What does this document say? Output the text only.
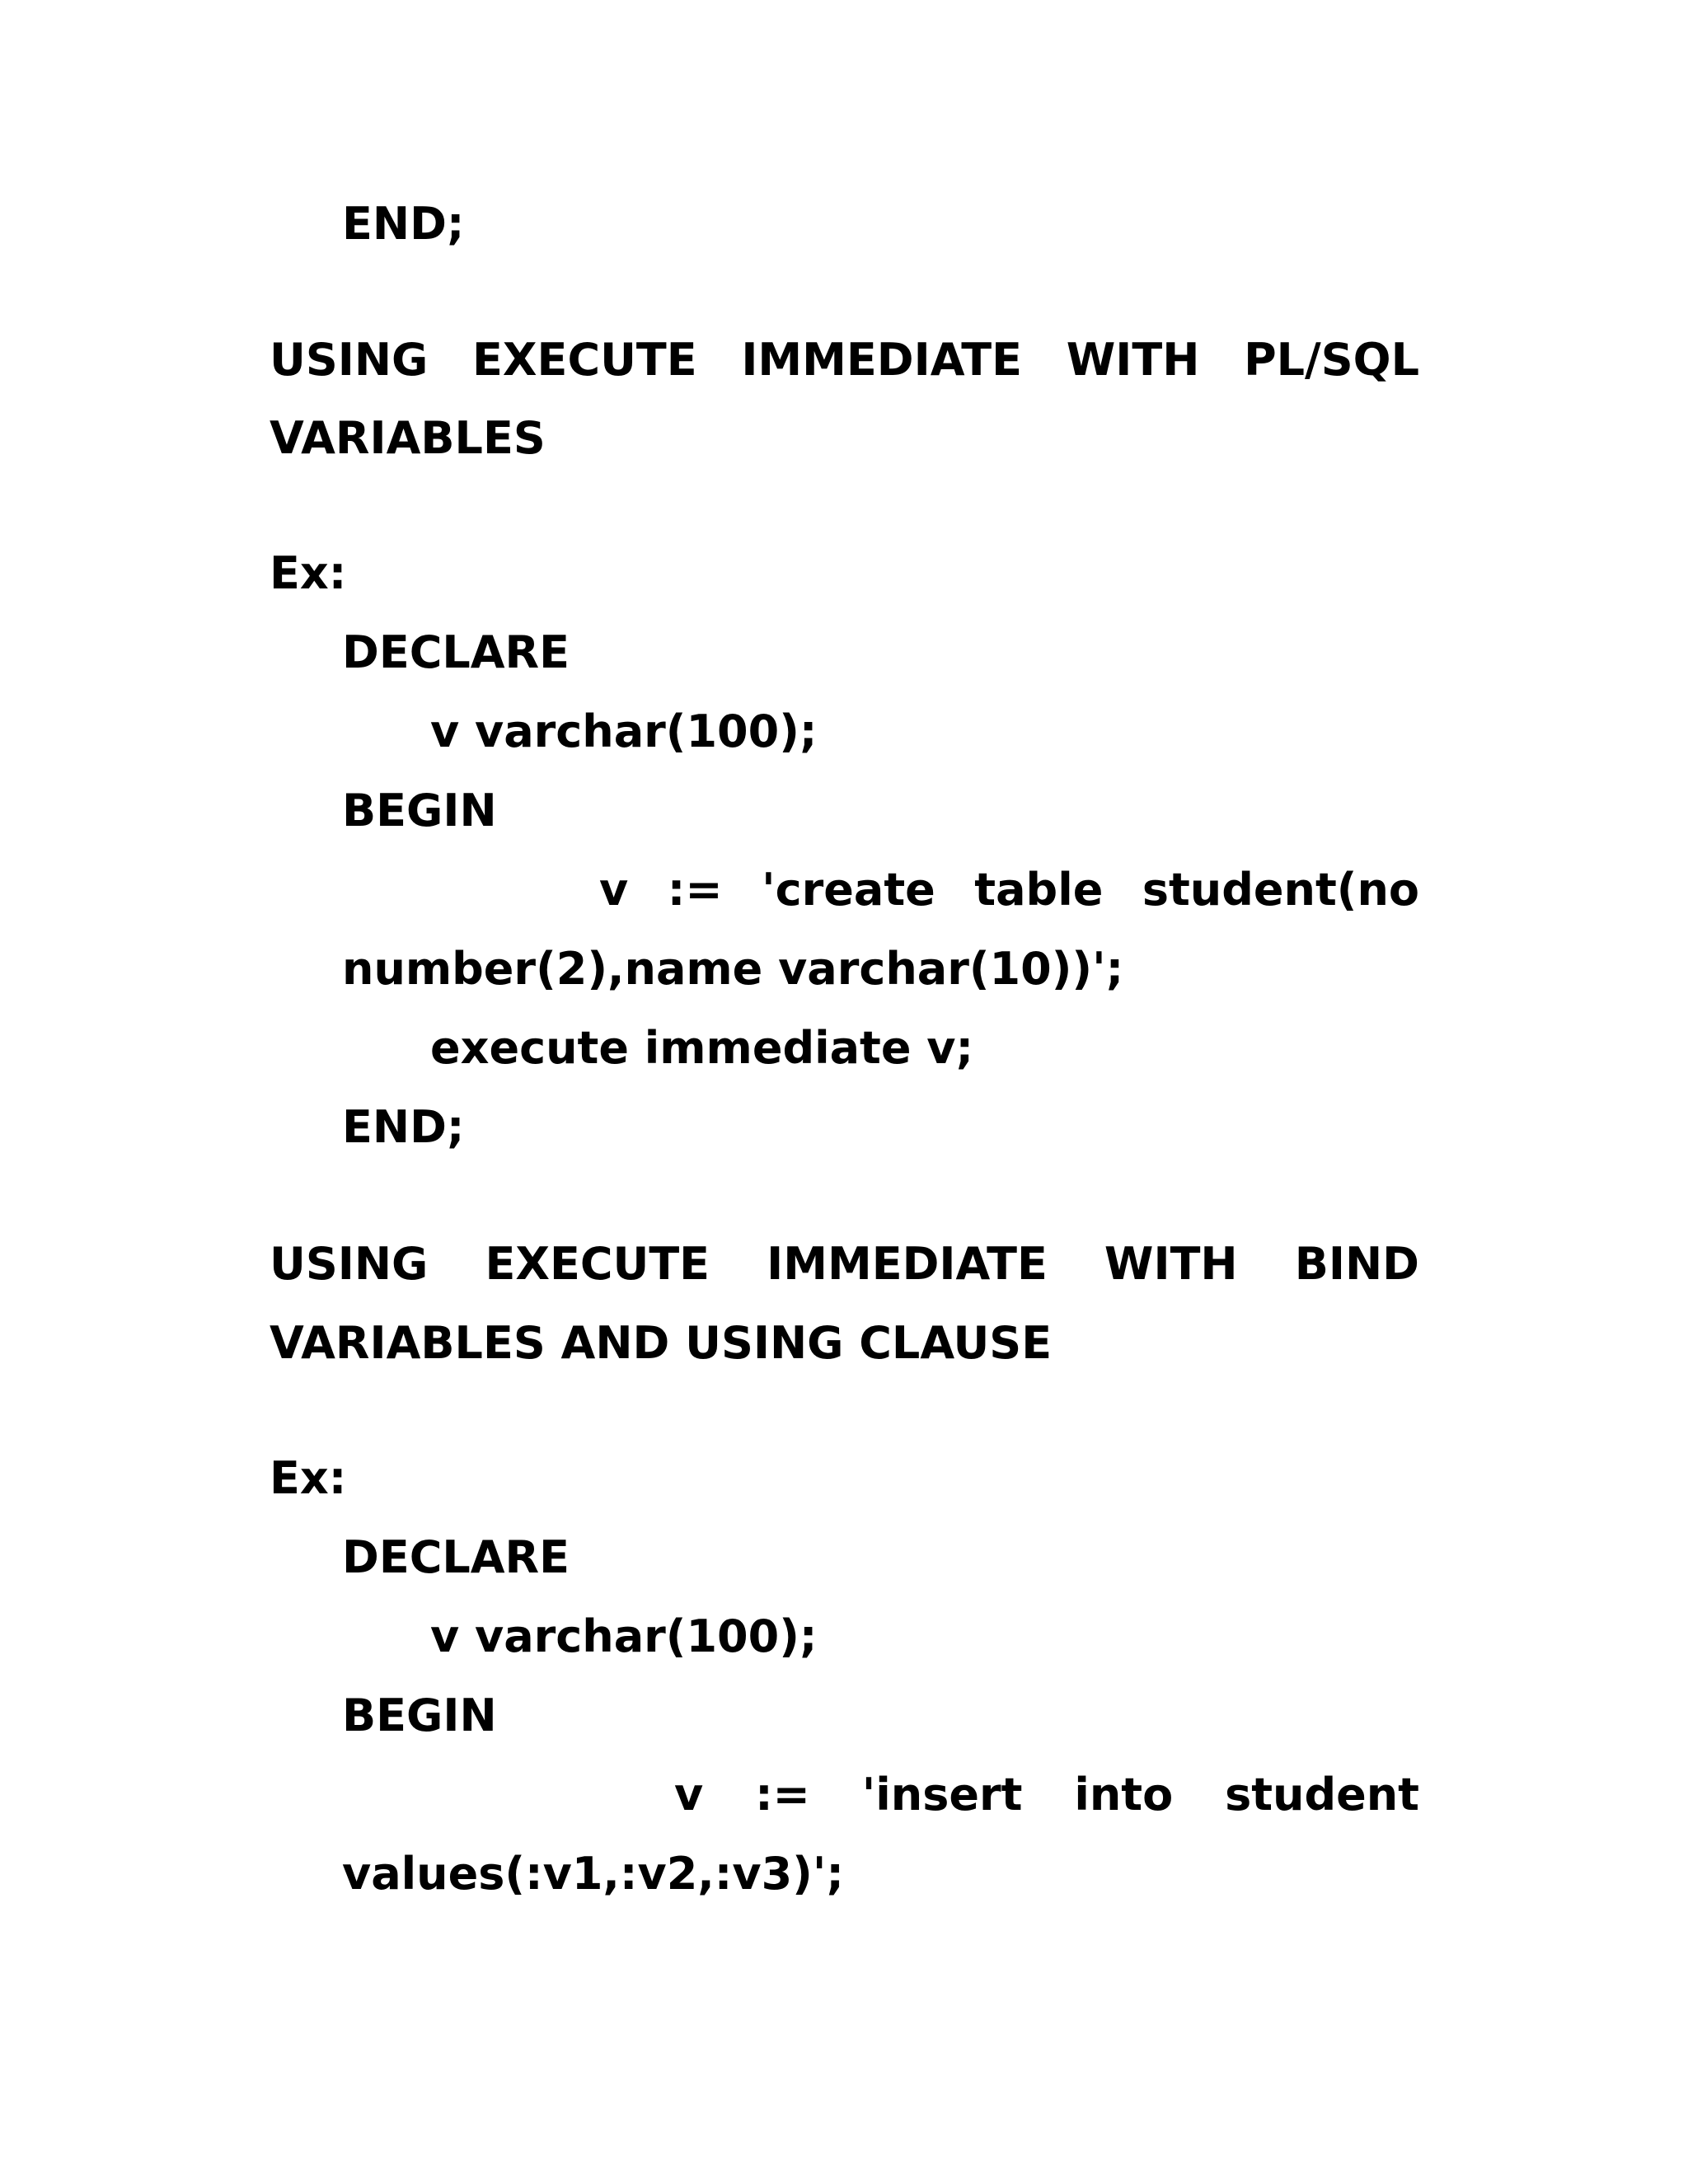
END;
USING EXECUTE IMMEDIATE WITH PL/SQL
VARIABLES
Ex:
DECLARE
v varchar(100);
BEGIN
v := 'create table student(no
number(2),name varchar(10))';
execute immediate v;
END;
USING EXECUTE IMMEDIATE WITH BIND
VARIABLES AND USING CLAUSE
Ex:
DECLARE
v varchar(100);
BEGIN
v := 'insert into student
values(:v1,:v2,:v3)';
